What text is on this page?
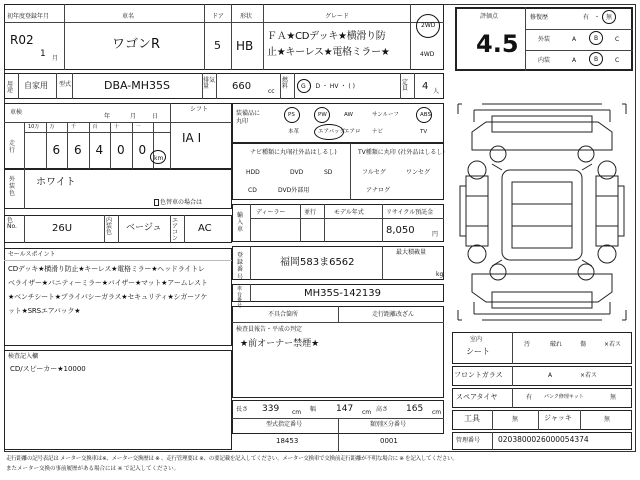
初年度登録年月
R02
1 月
車名
ワゴンR
ドア
5
形状
HB
グレード
ＦＡ★CDデッキ★横滑り防
止★キーレス★電格ミラー★
2WD
4WD
評価点
4.5
修復歴	有 ・ 無
外装	A	B	C
内装	A	B	C
用途
自家用 型式	DBA-MH35S	排気量	660	cc
燃料	G ・ D ・ HV ・ ( )
定員	4 人
車検
年	月	日
走行
10万 万
6
千
6
百
4
十
0
一
0
km
シフト
IA I
外装色
ホワイト
色替車の場合は
色No.	26U
内装色	ベージュ
エアコン
AC
セールスポイント
CDデッキ★横滑り防止★キーレス★電格ミラー★ヘッドライトレ
ベライザー★バニティーミラー★バイザー★マット★アームレスト
★ベンチシート★プライバシーガラス★セキュリティ★シガーソケ
ット★SRSエアバック★
検査記入欄
CD/スピーカー★10000
装備品に丸印
PS	PW	AW	サンルーフ	ABS
本革	エアバッグ
エアロ ナビ	TV
ナビ種類に丸印
(社外品はしるし)
HDD	DVD	SD
CD	DVD外部用
TV種類に丸印 (社外品はしるし)
フルセグ	ワンセグ
アナログ
輸入車
ディーラー	並行	モデル年式	リサイクル預託金
8,050	円
登録番号
福岡583ま6562
最大積載量
kg
車台番号
MH35S-142139
不具合箇所	走行距離改ざん
検査員報告・平成の判定
★前オーナー禁煙★
長さ 339 cm 幅 147 cm 高さ 165 cm
型式指定番号
18453
類別区分番号
0001
室内
シート
汚	破れ	傷	×若ス
フロントガラス	A	×若ス
スペアタイヤ	有 パンク修理キット	無
工具	無	ジャッキ	無
管理番号 0203800026000054374
走行距離の記号表記は メーター交換車は※、メーター交換歴は ※ 、走行管理要は ※、の要記載を記入してください。メーター交換車で交換前走行距離が不明な場合に ※ を記入してください。
またメーター交換の事前履歴がある場合には ※ で記入してください。
